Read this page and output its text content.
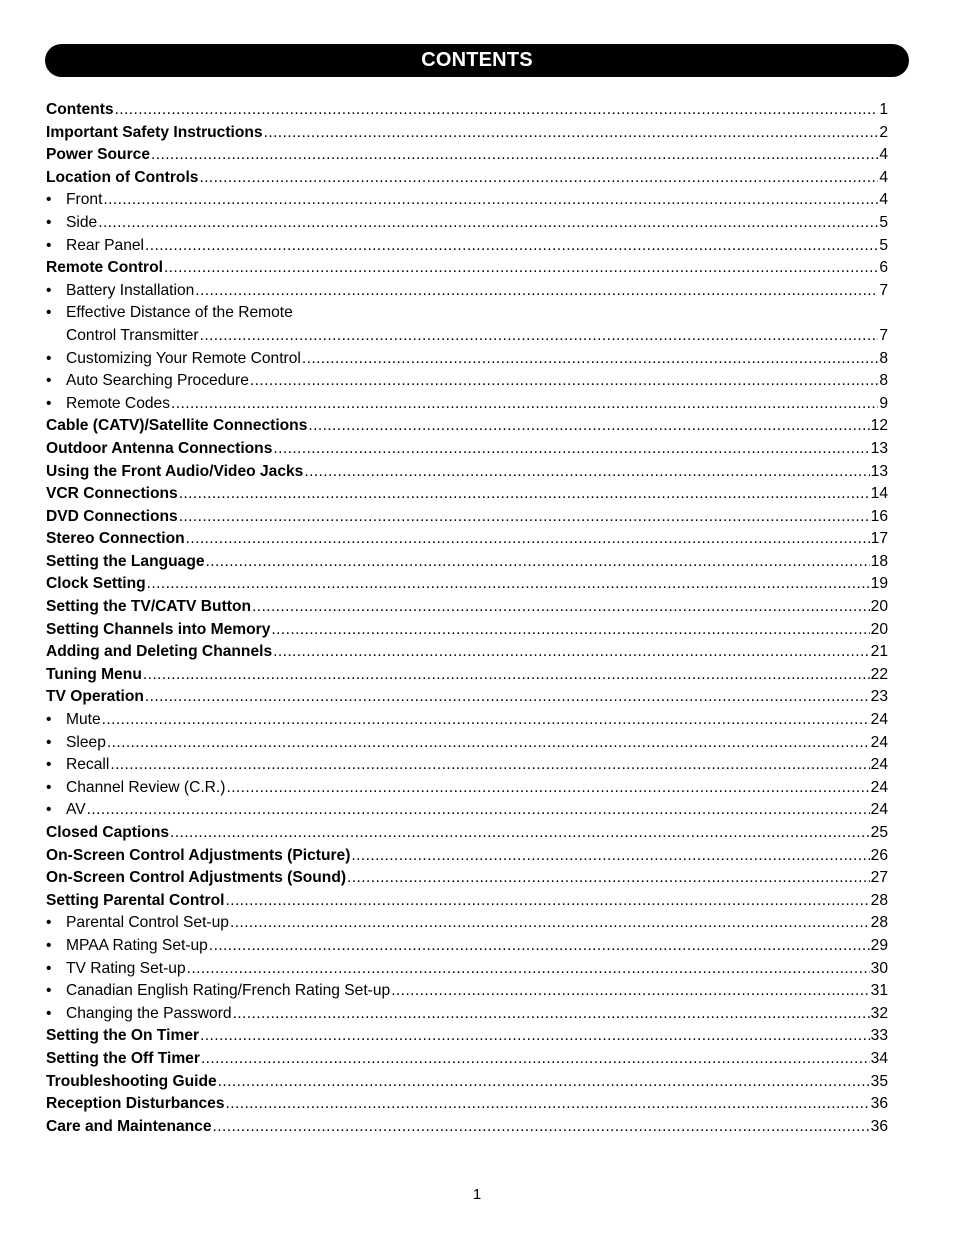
CONTENTS
Contents .....	1
Important Safety Instructions .....	2
Power Source .....	4
Location of Controls .....	4
• Front .....	4
• Side .....	5
• Rear Panel .....	5
Remote Control .....	6
• Battery Installation .....	7
• Effective Distance of the Remote
Control Transmitter .....	7
• Customizing Your Remote Control .....	8
• Auto Searching Procedure .....	8
• Remote Codes .....	9
Cable (CATV)/Satellite Connections .....	12
Outdoor Antenna Connections .....	13
Using the Front Audio/Video Jacks .....	13
VCR Connections .....	14
DVD Connections .....	16
Stereo Connection .....	17
Setting the Language .....	18
Clock Setting .....	19
Setting the TV/CATV Button .....	20
Setting Channels into Memory .....	20
Adding and Deleting Channels .....	21
Tuning Menu .....	22
TV Operation .....	23
• Mute .....	24
• Sleep .....	24
• Recall .....	24
• Channel Review (C.R.) .....	24
• AV .....	24
Closed Captions .....	25
On-Screen Control Adjustments (Picture) .....	26
On-Screen Control Adjustments (Sound) .....	27
Setting Parental Control .....	28
• Parental Control Set-up .....	28
• MPAA Rating Set-up .....	29
• TV Rating Set-up .....	30
• Canadian English Rating/French Rating Set-up .....	31
• Changing the Password .....	32
Setting the On Timer .....	33
Setting the Off Timer .....	34
Troubleshooting Guide .....	35
Reception Disturbances .....	36
Care and Maintenance .....	36
1
